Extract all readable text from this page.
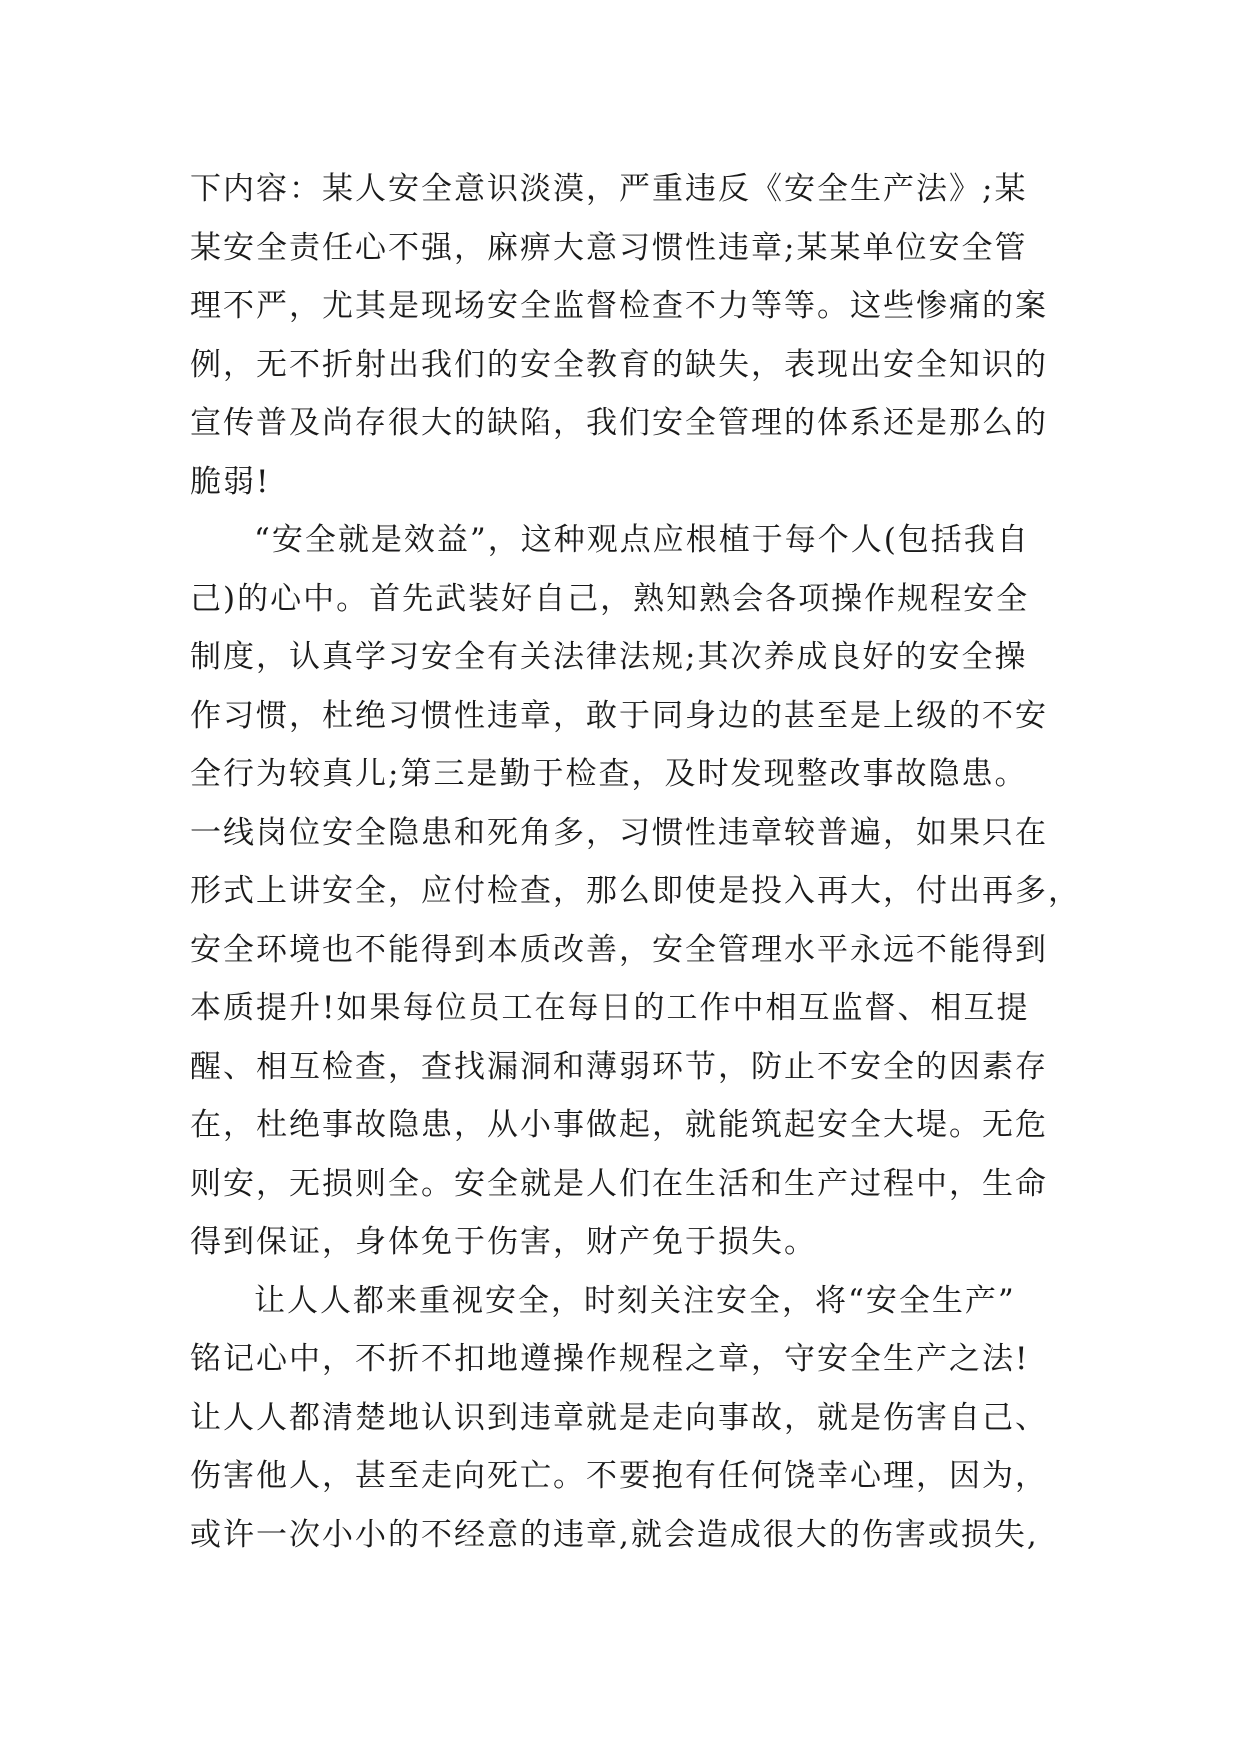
下内容：某人安全意识淡漠，严重违反《安全生产法》;某
某安全责任心不强，麻痹大意习惯性违章;某某单位安全管
理不严，尤其是现场安全监督检查不力等等。这些惨痛的案
例，无不折射出我们的安全教育的缺失，表现出安全知识的
宣传普及尚存很大的缺陷，我们安全管理的体系还是那么的
脆弱!
“安全就是效益”，这种观点应根植于每个人(包括我自
己)的心中。首先武装好自己，熟知熟会各项操作规程安全
制度，认真学习安全有关法律法规;其次养成良好的安全操
作习惯，杜绝习惯性违章，敢于同身边的甚至是上级的不安
全行为较真儿;第三是勤于检查，及时发现整改事故隐患。
一线岗位安全隐患和死角多，习惯性违章较普遍，如果只在
形式上讲安全，应付检查，那么即使是投入再大，付出再多，
安全环境也不能得到本质改善，安全管理水平永远不能得到
本质提升!如果每位员工在每日的工作中相互监督、相互提
醒、相互检查，查找漏洞和薄弱环节，防止不安全的因素存
在，杜绝事故隐患，从小事做起，就能筑起安全大堤。无危
则安，无损则全。安全就是人们在生活和生产过程中，生命
得到保证，身体免于伤害，财产免于损失。
让人人都来重视安全，时刻关注安全，将“安全生产”
铭记心中，不折不扣地遵操作规程之章，守安全生产之法!
让人人都清楚地认识到违章就是走向事故，就是伤害自己、
伤害他人，甚至走向死亡。不要抱有任何饶幸心理，因为，
或许一次小小的不经意的违章,就会造成很大的伤害或损失,
